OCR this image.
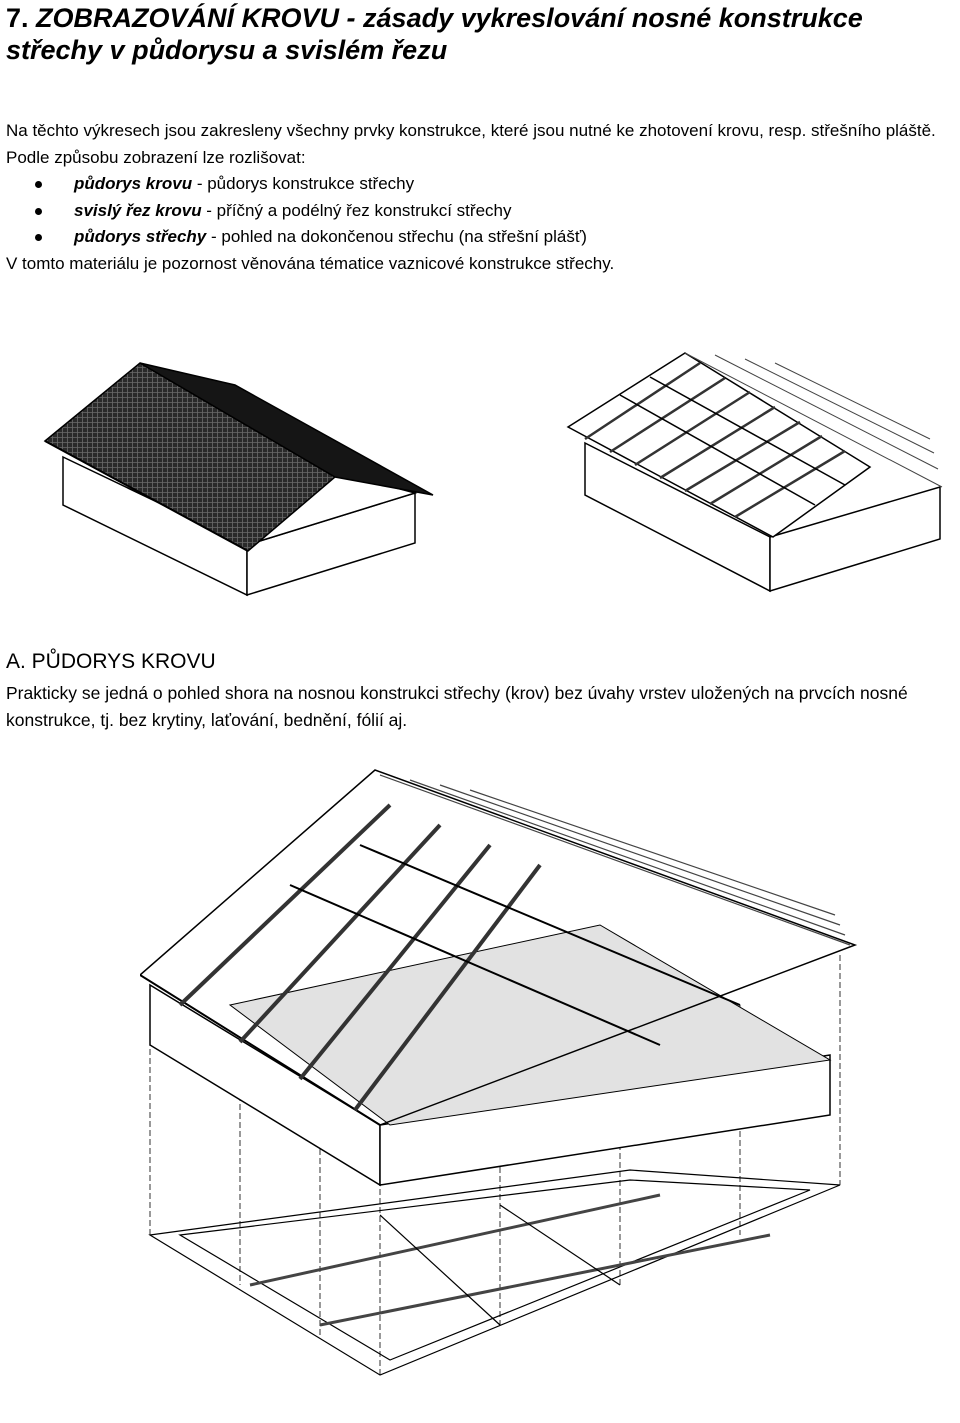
7. ZOBRAZOVÁNÍ KROVU - zásady vykreslování nosné konstrukce střechy v půdorysu a svislém řezu
Na těchto výkresech jsou zakresleny všechny prvky konstrukce, které jsou nutné ke zhotovení krovu, resp. střešního pláště.
Podle způsobu zobrazení lze rozlišovat:
půdorys krovu - půdorys konstrukce střechy
svislý řez krovu - příčný a podélný řez konstrukcí střechy
půdorys střechy - pohled na dokončenou střechu (na střešní plášť)
V tomto materiálu je pozornost věnována tématice vaznicové konstrukce střechy.
A. PŮDORYS KROVU

Prakticky se jedná o pohled shora na nosnou konstrukci střechy (krov) bez úvahy vrstev uložených na prvcích nosné konstrukce, tj. bez krytiny, laťování, bednění, fólií aj.
